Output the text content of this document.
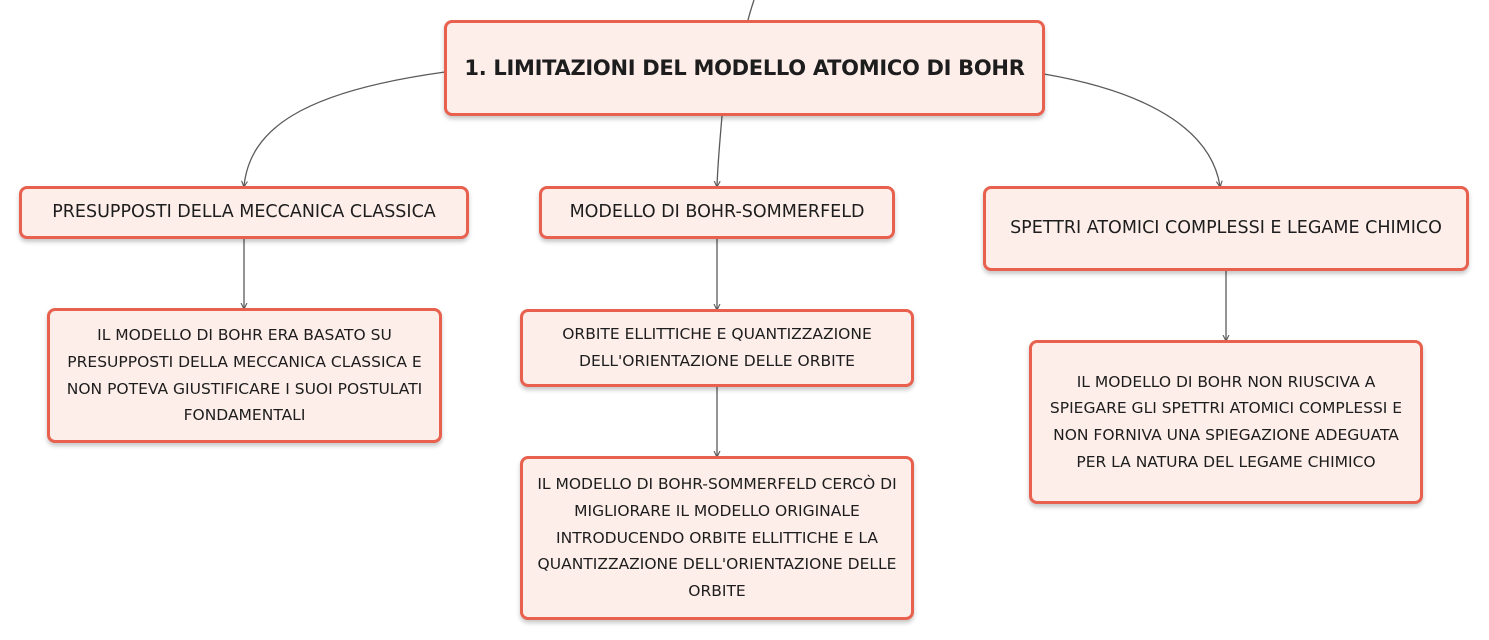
1. LIMITAZIONI DEL MODELLO ATOMICO DI BOHR
PRESUPPOSTI DELLA MECCANICA CLASSICA	MODELLO DI BOHR-SOMMERFELD
SPETTRI ATOMICI COMPLESSI E LEGAME CHIMICO
IL MODELLO DI BOHR ERA BASATO SU PRESUPPOSTI DELLA MECCANICA CLASSICA E NON POTEVA GIUSTIFICARE I SUOI POSTULATI FONDAMENTALI
ORBITE ELLITTICHE E QUANTIZZAZIONE DELL'ORIENTAZIONE DELLE ORBITE
IL MODELLO DI BOHR-SOMMERFELD CERCÒ DI MIGLIORARE IL MODELLO ORIGINALE INTRODUCENDO ORBITE ELLITTICHE E LA QUANTIZZAZIONE DELL'ORIENTAZIONE DELLE ORBITE
IL MODELLO DI BOHR NON RIUSCIVA A SPIEGARE GLI SPETTRI ATOMICI COMPLESSI E NON FORNIVA UNA SPIEGAZIONE ADEGUATA PER LA NATURA DEL LEGAME CHIMICO
